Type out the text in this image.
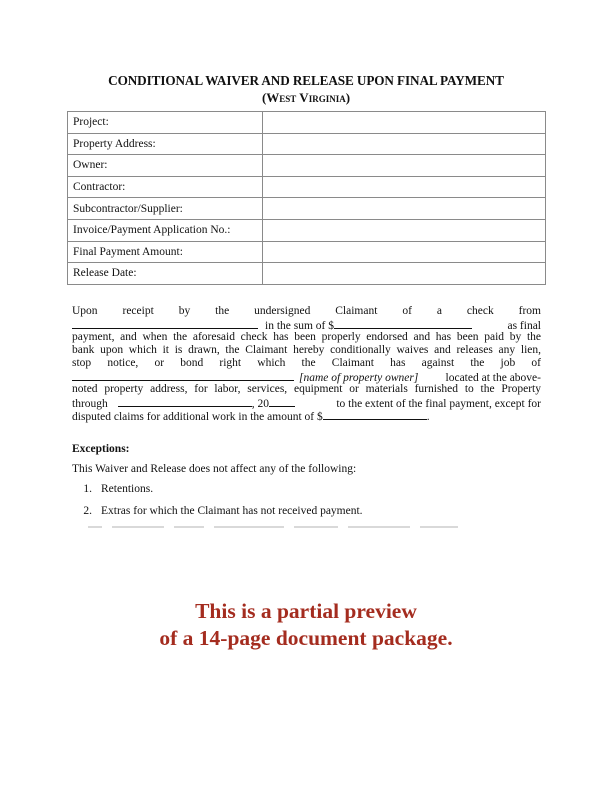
CONDITIONAL WAIVER AND RELEASE UPON FINAL PAYMENT
(West Virginia)
Project:	
Property Address:	
Owner:	
Contractor:	
Subcontractor/Supplier:	
Invoice/Payment Application No.:	
Final Payment Amount:	
Release Date:	
Upon receipt by the undersigned Claimant of a check from
in the sum of $	as final
payment, and when the aforesaid check has been properly endorsed and has been paid by the
bank upon which it is drawn, the Claimant hereby conditionally waives and releases any lien,
stop notice, or bond right which the Claimant has against the job of
[name of property owner] located at the above-
noted property address, for labor, services, equipment or materials furnished to the Property
through	, 20	to the extent of the final payment, except for
disputed claims for additional work in the amount of $	.
Exceptions:
This Waiver and Release does not affect any of the following:
1. Retentions.
2. Extras for which the Claimant has not received payment.

This is a partial preview
of a 14-page document package.
